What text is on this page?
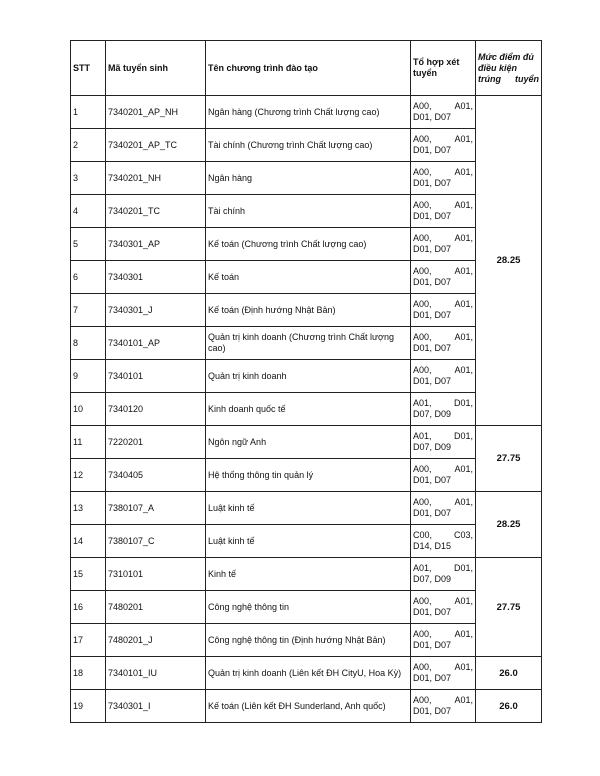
STT	Mã tuyển sinh	Tên chương trình đào tạo	Tổ hợp xét tuyển	Mức điểm đủ điều kiện trúng tuyển
1	7340201_AP_NH	Ngân hàng (Chương trình Chất lượng cao)	A00, A01,
D01, D07	28.25
2	7340201_AP_TC	Tài chính (Chương trình Chất lượng cao)	A00, A01,
D01, D07	

3	7340201_NH	Ngân hàng	A00, A01,
D01, D07	

4	7340201_TC	Tài chính	A00, A01,
D01, D07	

5	7340301_AP	Kế toán (Chương trình Chất lượng cao)	A00, A01,
D01, D07	

6	7340301	Kế toán	A00, A01,
D01, D07	

7	7340301_J	Kế toán (Định hướng Nhật Bản)	A00, A01,
D01, D07	

8	7340101_AP	Quản trị kinh doanh (Chương trình Chất lượng cao)	A00, A01,
D01, D07	

9	7340101	Quản trị kinh doanh	A00, A01,
D01, D07	

10	7340120	Kinh doanh quốc tế	A01, D01,
D07, D09	

11	7220201	Ngôn ngữ Anh	A01, D01,
D07, D09	27.75
12	7340405	Hệ thống thông tin quản lý	A00, A01,
D01, D07	

13	7380107_A	Luật kinh tế	A00, A01,
D01, D07	28.25
14	7380107_C	Luật kinh tế	C00, C03,
D14, D15	

15	7310101	Kinh tế	A01, D01,
D07, D09	27.75
16	7480201	Công nghệ thông tin	A00, A01,
D01, D07	

17	7480201_J	Công nghệ thông tin (Định hướng Nhật Bản)	A00, A01,
D01, D07	

18	7340101_IU	Quản trị kinh doanh (Liên kết ĐH CityU, Hoa Kỳ)	A00, A01,
D01, D07	26.0
19	7340301_I	Kế toán (Liên kết ĐH Sunderland, Anh quốc)	A00, A01,
D01, D07	26.0
